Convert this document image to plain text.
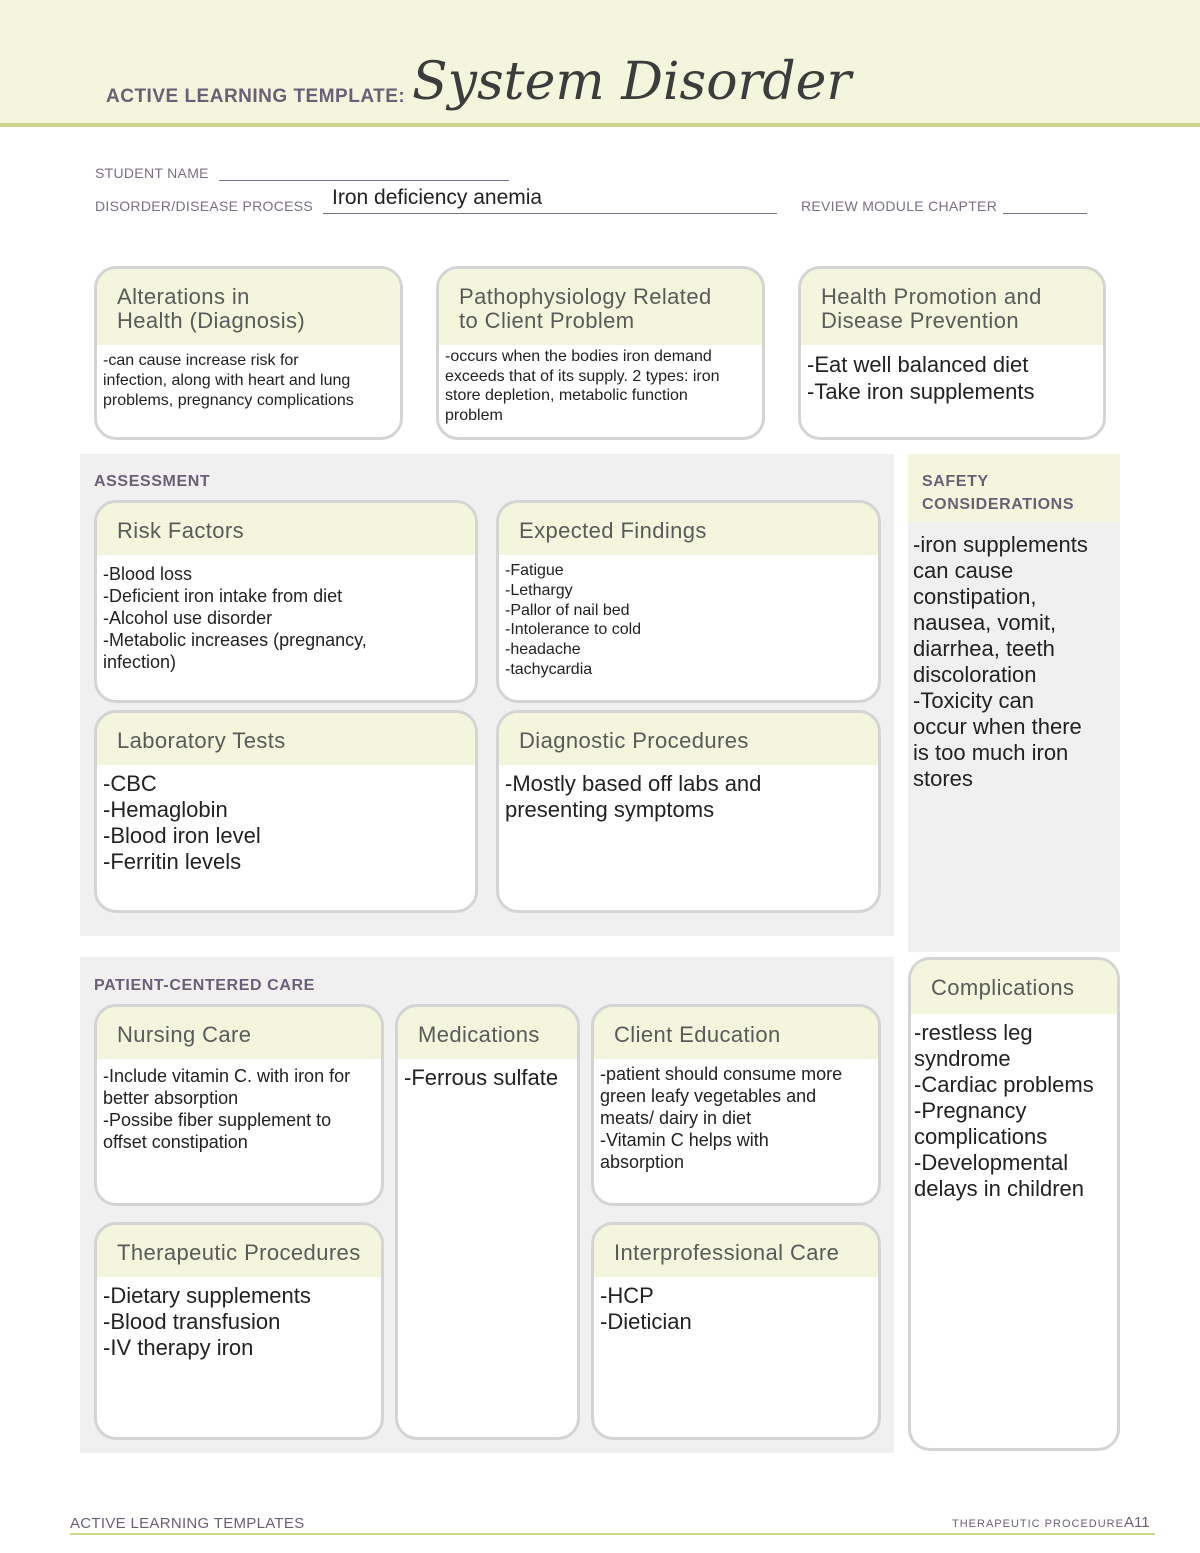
ACTIVE LEARNING TEMPLATE: System Disorder
STUDENT NAME
DISORDER/DISEASE PROCESS Iron deficiency anemia	REVIEW MODULE CHAPTER
Alterations in
Health (Diagnosis)
-can cause increase risk for
infection, along with heart and lung
problems, pregnancy complications
Pathophysiology Related
to Client Problem
-occurs when the bodies iron demand
exceeds that of its supply. 2 types: iron
store depletion, metabolic function
problem
Health Promotion and
Disease Prevention
-Eat well balanced diet
-Take iron supplements
ASSESSMENT
Risk Factors
-Blood loss
-Deficient iron intake from diet
-Alcohol use disorder
-Metabolic increases (pregnancy,
infection)
Expected Findings
-Fatigue
-Lethargy
-Pallor of nail bed
-Intolerance to cold
-headache
-tachycardia
Laboratory Tests
-CBC
-Hemaglobin
-Blood iron level
-Ferritin levels
Diagnostic Procedures
-Mostly based off labs and
presenting symptoms
SAFETY
CONSIDERATIONS
-iron supplements
can cause
constipation,
nausea, vomit,
diarrhea, teeth
discoloration
-Toxicity can
occur when there
is too much iron
stores
PATIENT-CENTERED CARE
Nursing Care
-Include vitamin C. with iron for
better absorption
-Possibe fiber supplement to
offset constipation
Medications
-Ferrous sulfate
Client Education
-patient should consume more
green leafy vegetables and
meats/ dairy in diet
-Vitamin C helps with
absorption
Therapeutic Procedures
-Dietary supplements
-Blood transfusion
-IV therapy iron
Interprofessional Care
-HCP
-Dietician
Complications
-restless leg
syndrome
-Cardiac problems
-Pregnancy
complications
-Developmental
delays in children
ACTIVE LEARNING TEMPLATES	THERAPEUTIC PROCEDURE A11
